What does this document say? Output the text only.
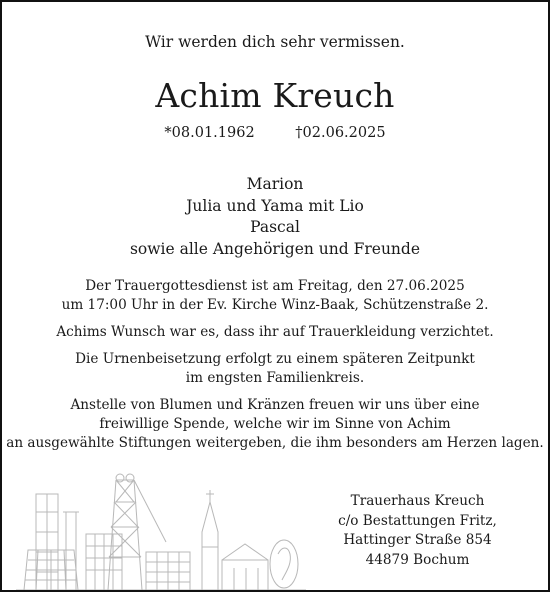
Wir werden dich sehr vermissen.
Achim Kreuch
*08.01.1962	†02.06.2025
Marion
Julia und Yama mit Lio
Pascal
sowie alle Angehörigen und Freunde

Der Trauergottesdienst ist am Freitag, den 27.06.2025
um 17:00 Uhr in der Ev. Kirche Winz-Baak, Schützenstraße 2.

Achims Wunsch war es, dass ihr auf Trauerkleidung verzichtet.

Die Urnenbeisetzung erfolgt zu einem späteren Zeitpunkt
im engsten Familienkreis.

Anstelle von Blumen und Kränzen freuen wir uns über eine
freiwillige Spende, welche wir im Sinne von Achim
an ausgewählte Stiftungen weitergeben, die ihm besonders am Herzen lagen.

Trauerhaus Kreuch
c/o Bestattungen Fritz,
Hattinger Straße 854
44879 Bochum
